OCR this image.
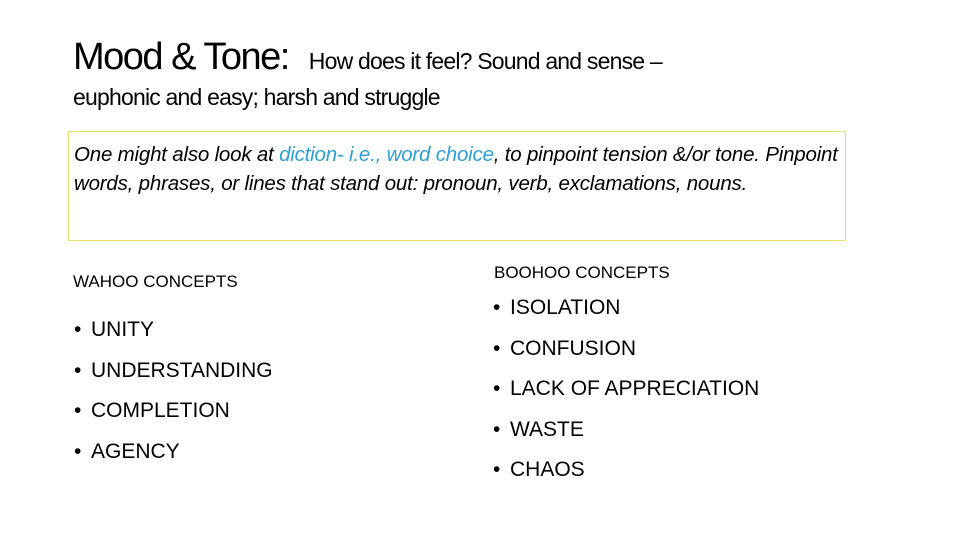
Mood & Tone: How does it feel? Sound and sense –
euphonic and easy; harsh and struggle
One might also look at diction- i.e., word choice, to pinpoint tension &/or tone. Pinpoint words, phrases, or lines that stand out: pronoun, verb, exclamations, nouns.
WAHOO CONCEPTS
• UNITY
• UNDERSTANDING
• COMPLETION
• AGENCY
BOOHOO CONCEPTS
• ISOLATION
• CONFUSION
• LACK OF APPRECIATION
• WASTE
• CHAOS
